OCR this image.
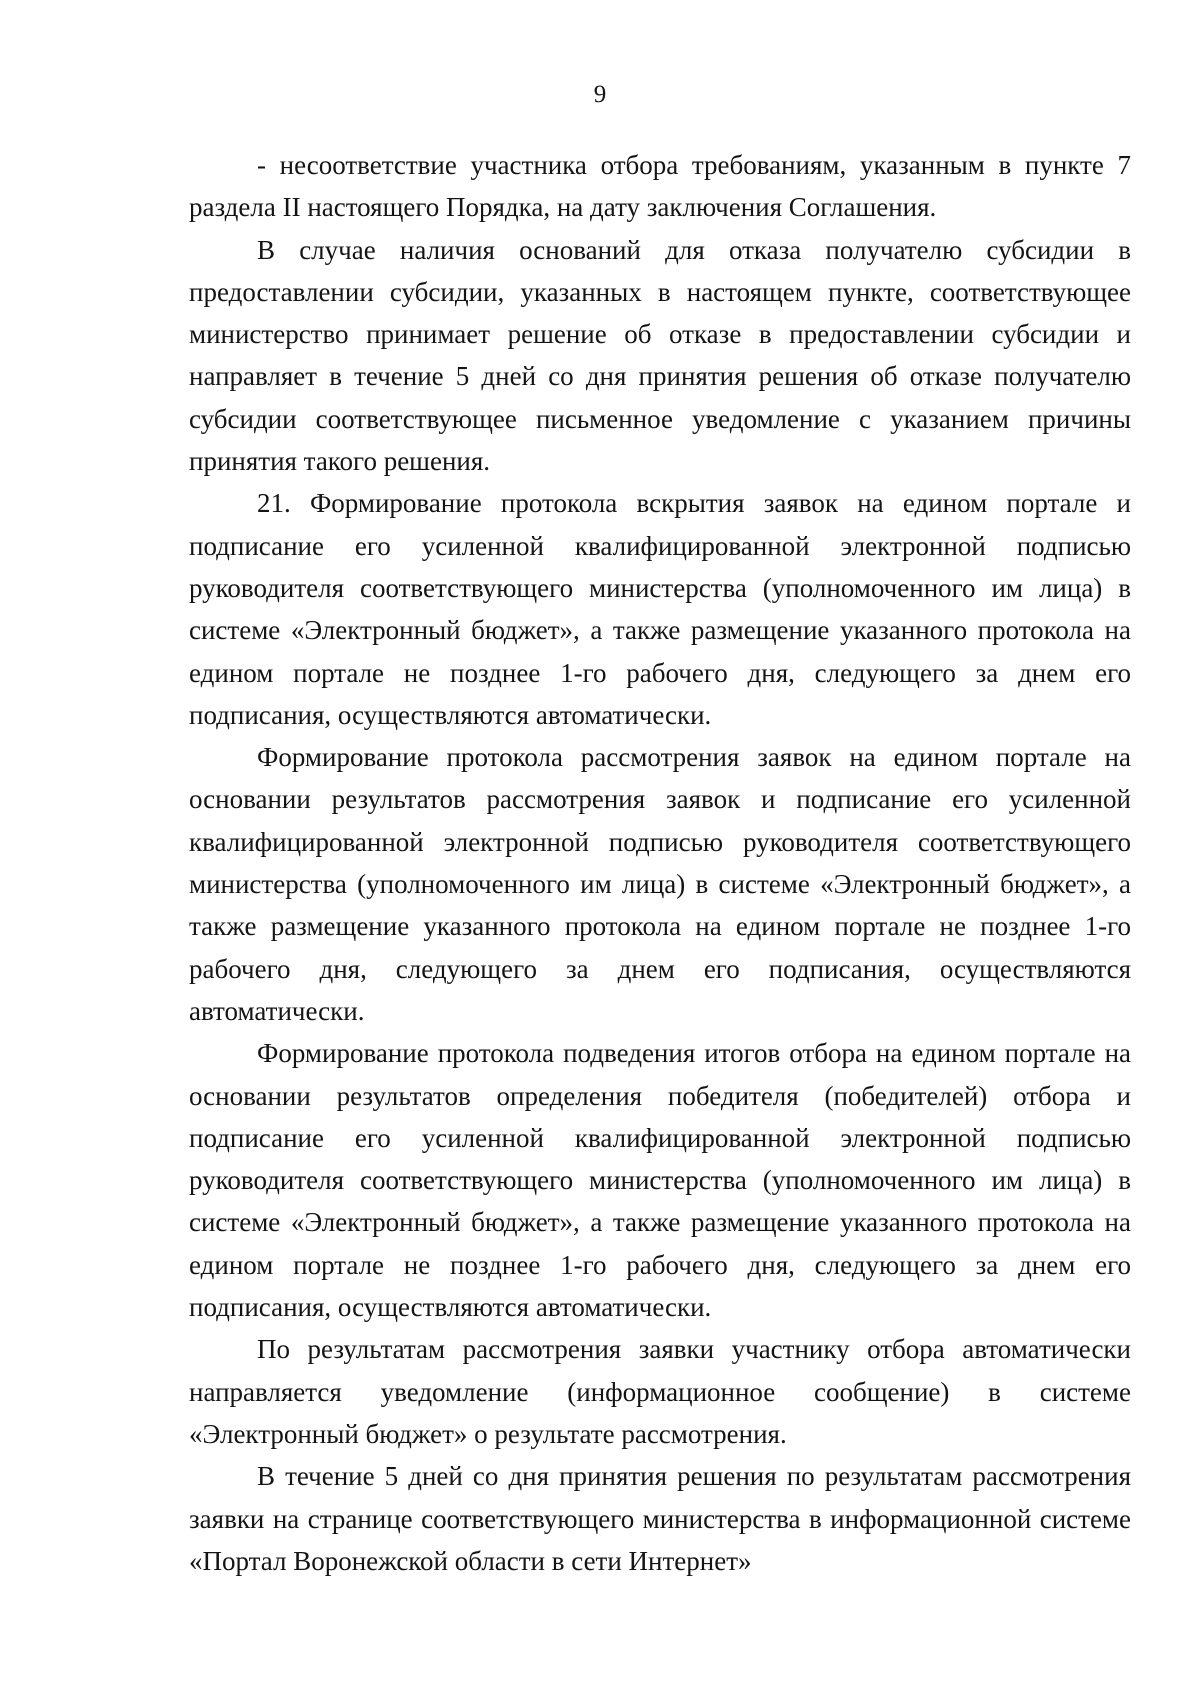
9

- несоответствие участника отбора требованиям, указанным в пункте 7 раздела II настоящего Порядка, на дату заключения Соглашения.

В случае наличия оснований для отказа получателю субсидии в предоставлении субсидии, указанных в настоящем пункте, соответствующее министерство принимает решение об отказе в предоставлении субсидии и направляет в течение 5 дней со дня принятия решения об отказе получателю субсидии соответствующее письменное уведомление с указанием причины принятия такого решения.

21. Формирование протокола вскрытия заявок на едином портале и подписание его усиленной квалифицированной электронной подписью руководителя соответствующего министерства (уполномоченного им лица) в системе «Электронный бюджет», а также размещение указанного протокола на едином портале не позднее 1-го рабочего дня, следующего за днем его подписания, осуществляются автоматически.

Формирование протокола рассмотрения заявок на едином портале на основании результатов рассмотрения заявок и подписание его усиленной квалифицированной электронной подписью руководителя соответствующего министерства (уполномоченного им лица) в системе «Электронный бюджет», а также размещение указанного протокола на едином портале не позднее 1-го рабочего дня, следующего за днем его подписания, осуществляются автоматически.

Формирование протокола подведения итогов отбора на едином портале на основании результатов определения победителя (победителей) отбора и подписание его усиленной квалифицированной электронной подписью руководителя соответствующего министерства (уполномоченного им лица) в системе «Электронный бюджет», а также размещение указанного протокола на едином портале не позднее 1-го рабочего дня, следующего за днем его подписания, осуществляются автоматически.

По результатам рассмотрения заявки участнику отбора автоматически направляется уведомление (информационное сообщение) в системе «Электронный бюджет» о результате рассмотрения.

В течение 5 дней со дня принятия решения по результатам рассмотрения заявки на странице соответствующего министерства в информационной системе «Портал Воронежской области в сети Интернет»
